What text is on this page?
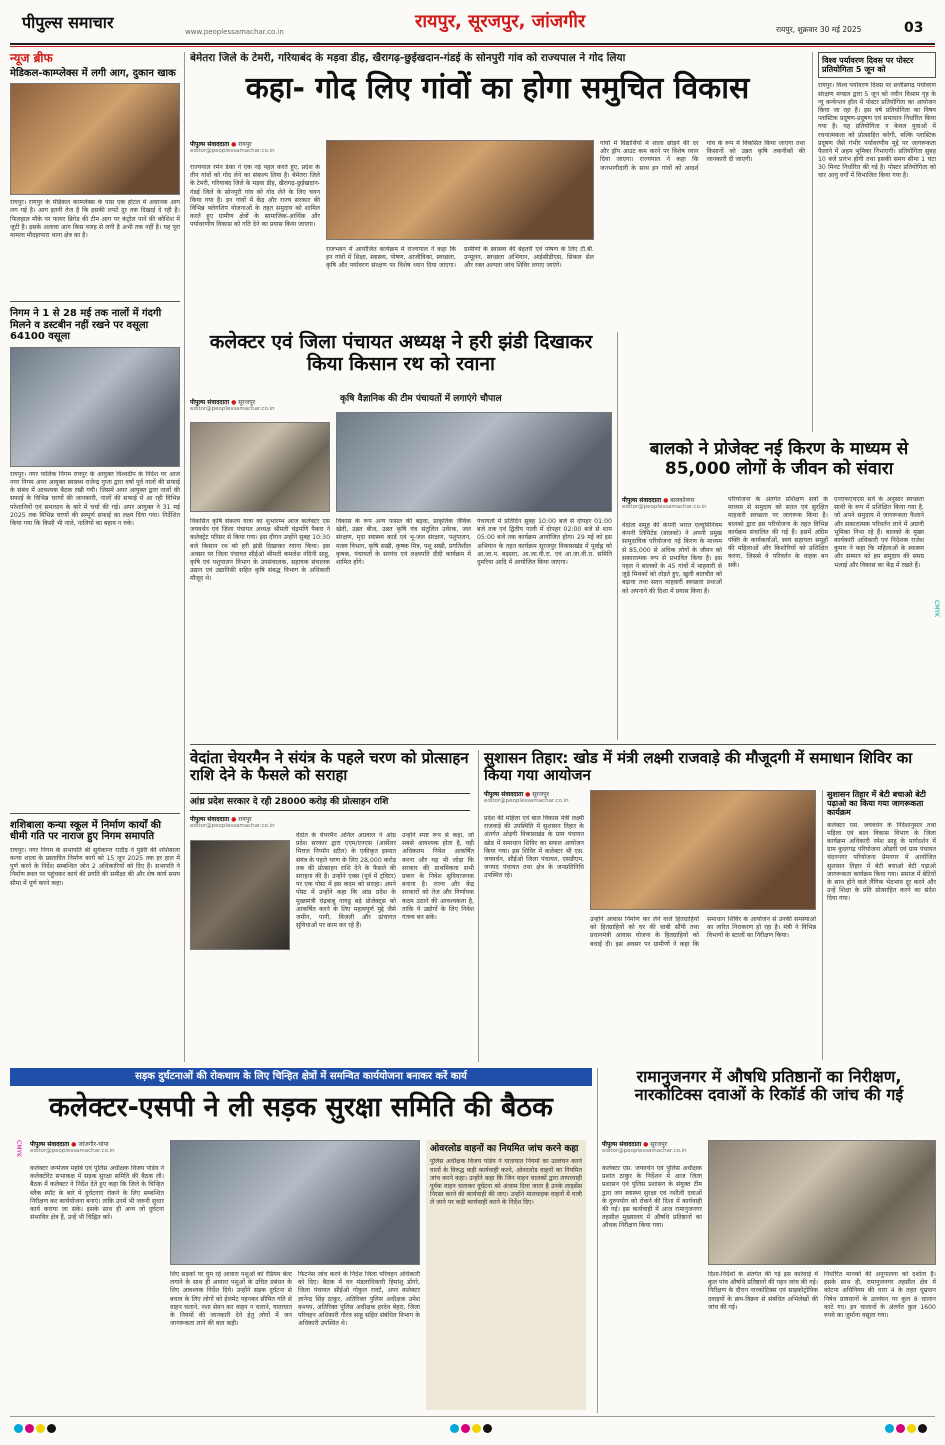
पीपुल्स समाचार	www.peoplessamachar.co.in	रायपुर, सूरजपुर, जांजगीर	रायपुर, शुक्रवार 30 मई 2025	03
न्यूज ब्रीफ
मेडिकल-काम्प्लेक्स में लगी आग, दुकान खाक
रायपुर। रायपुर के मेडिकल काम्प्लेक्स के पास एक होटल में अचानक आग लग गई है। आग इतनी तेज है कि इसकी लपटें दूर तक दिखाई दे रही है। फिलहाल मौके पर फायर ब्रिगेड की टीम आग पर कंट्रोल पाने की कोशिश में जुटी है। इसके अलावा आग किस वजह से लगी है अभी तक नहीं है। यह पूरा मामला मौदहापारा थाना क्षेत्र का है।
निगम ने 1 से 28 मई तक नालों में गंदगी मिलने व डस्टबीन नहीं रखने पर वसूला 64100 वसूला
रायपुर। नगर पालिक निगम रायपुर के आयुक्त विश्वदीप के निर्देश पर आज नगर निगम अपर आयुक्त स्वास्थ्य राजेन्द्र गुप्ता द्वारा वर्षा पूर्व नालों की सफाई के संबंध में आवश्यक बैठक रखी गयी। जिसमें अपर आयुक्त द्वारा नालों की सफाई के विभिन्न चरणों की जानकारी, नालों की सफाई में आ रही विभिन्न परेशानियों एवं समाधान के बारे में चर्चा की गई। अपर आयुक्त ने 31 मई 2025 तक विभिन्न चरणों की सम्पूर्ण सफाई का लक्ष्य दिया गया। निर्देशित किया गया कि किसी भी नाले, नालियों का बहाव न रुके।
शशिबाला कन्या स्कूल में निर्माण कार्यों की धीमी गति पर नाराज हुए निगम समापति
रायपुर। नगर निगम के सभापति श्री सूर्यकान्त राठौड़ ने पुडेरी की शशिबाला कन्या शाला के प्रस्तावित निर्माण कार्य को 15 जून 2025 तक हर हाल में पूर्ण करने के निर्देश सम्बन्धित जोन 2 अधिकारियों को दिए हैं। सभापति ने निर्माण स्थल पर पहुंचकर कार्य की प्रगति की समीक्षा की और शेष कार्य समय सीमा में पूर्ण करने कहा।
बेमेतरा जिले के टेमरी, गरियाबंद के मड़वा डीह, खैरागढ़-छुईखदान-गंडई के सोनपुरी गांव को राज्यपाल ने गोद लिया
कहा- गोद लिए गांवों का होगा समुचित विकास
पीपुल्स संवाददाता ● रायपुर
editor@peoplessamachar.co.in
राज्यपाल रमेन डेका ने एक नई पहल करते हुए, प्रदेश के तीन गांवों को गोद लेने का संकल्प लिया है। बेमेतरा जिले के टेमरी, गरियाबंद जिले के मड़वा डीह, खैरागढ़-छुईखदान-गंडई जिले के सोनपुरी गांव को गोद लेने के लिए चयन किया गया है। इन गांवों में केंद्र और राज्य सरकार की विभिन्न फ्लेगशिप योजनाओं के तहत समुदाय को शामिल करते हुए ग्रामीण क्षेत्रों के सामाजिक-आर्थिक और पर्यावरणीय विकास को गति देने का प्रयास किया जाएगा।
राजभवन में आयोजित कार्यक्रम में राज्यपाल ने कहा कि इन गांवों में शिक्षा, स्वास्थ्य, पोषण, आजीविका, स्वच्छता, कृषि और पर्यावरण संरक्षण पर विशेष ध्यान दिया जाएगा। ग्रामीणों के स्वास्थ्य की बेहतरी एवं पोषण के लिए टी.बी. उन्मूलन, स्वच्छता अभियान, आईसीडीएस, सिकल सेल और रक्त अल्पता जांच शिविर लगाए जाएंगे।
गांवों में विद्यार्थियों में शाला छोड़ने की दर और ड्रॉप आउट कम करने पर विशेष ध्यान दिया जाएगा। राज्यपाल ने कहा कि जनभागीदारी के साथ इन गांवों को आदर्श गांव के रूप में विकसित किया जाएगा तथा किसानों को उन्नत कृषि तकनीकों की जानकारी दी जाएगी।
विश्व पर्यावरण दिवस पर पोस्टर प्रतियोगिता 5 जून को
रायपुर। विश्व पर्यावरण दिवस पर छत्तीसगढ़ पर्यावरण संरक्षण मण्डल द्वारा 5 जून को नवीन विश्राम गृह के न्यू कन्वेन्शन हॉल में पोस्टर प्रतियोगिता का आयोजन किया जा रहा है। इस वर्ष प्रतियोगिता का विषय प्लास्टिक प्रदूषण-प्रदूषण एवं समाधान निर्धारित किया गया है। यह प्रतियोगिता न केवल युवाओं में रचनात्मकता को प्रोत्साहित करेगी, बल्कि प्लास्टिक प्रदूषण जैसे गंभीर पर्यावरणीय मुद्दे पर जागरूकता फैलाने में अहम भूमिका निभाएगी। प्रतियोगिता सुबह 10 बजे प्रारंभ होगी तथा इसकी समय सीमा 1 घंटा 30 मिनट निर्धारित की गई है। पोस्टर प्रतियोगिता को चार आयु वर्गों में विभाजित किया गया है।
कलेक्टर एवं जिला पंचायत अध्यक्ष ने हरी झंडी दिखाकर किया किसान रथ को रवाना
कृषि वैज्ञानिक की टीम पंचायतों में लगाएंगे चौपाल
पीपुल्स संवाददाता ● सूरजपुर
editor@peoplessamachar.co.in
विकसित कृषि संकल्प यात्रा का शुभारम्भ आज कलेक्टर एस जयवर्धन एवं जिला पंचायत अध्यक्ष श्रीमती चंद्रमणि पैकरा ने कलेक्ट्रेट परिसर से किया गया। इस दौरान उन्होंने सुबह 10:30 बजे किसान रथ को हरी झंडी दिखाकर रवाना किया। इस अवसर पर जिला पंचायत सीईओ श्रीमती कमलेश नंदिनी साहू, कृषि एवं पशुपालन विभाग के उपसंचालक, सहायक संचालक उद्यान एवं उद्यानिकी सहित कृषि संबद्ध विभाग के अधिकारी मौजूद थे।
विकास के रूप अन्य फसल की बढ़वा, प्राकृतिक जैविक खेती, उन्नत बीज, उन्नत कृषि यंत्र संतुलित उर्वरक, जल संरक्षण, मृदा स्वास्थ्य कार्ड एवं भू-जल संरक्षण, पशुपालन, मत्स्य विभाग, कृषि सखी, कृषक मित्र, पशु सखी, प्रगतिशील कृषक, पंचायतों के सरपंच एवं लक्ष्यपति दीदी कार्यक्रम में शामिल होंगे।
पंचायतों में प्रतिदिन सुबह 10:00 बजे से दोपहर 01:00 बजे तक एवं द्वितीय पाली में दोपहर 02:00 बजे से शाम 05:00 बजे तक कार्यक्रम आयोजित होगा। 29 मई को इस अभियान के तहत कार्यक्रम सूरजपुर विकासखंड में पूर्वाह्न को आ.जा.प. बड़सरा, आ.जा.वी.रा. एवं आ.जा.वी.रा. समिति दुमरिया आदि में आयोजित किया जाएगा।
बालको ने प्रोजेक्ट नई किरण के माध्यम से 85,000 लोगों के जीवन को संवारा
पीपुल्स संवाददाता ● बालकोनगर
editor@peoplessamachar.co.in
वेदांता समूह की कंपनी भारत एल्यूमिनियम कंपनी लिमिटेड (बालको) ने अपनी प्रमुख सामुदायिक परियोजना नई किरण के माध्यम से 85,000 से अधिक लोगों के जीवन को सकारात्मक रूप से प्रभावित किया है। इस पहल ने बालको के 45 गांवों में माहवारी से जुड़े मिथकों को तोड़ते हुए, खुली बातचीत को बढ़ावा तथा सतत माहवारी स्वच्छता प्रथाओं को अपनाने की दिशा में प्रयास किया है।
परियोजना के अंतर्गत प्रशिक्षण सत्रों के माध्यम से समुदाय को सतत एवं सुरक्षित माहवारी स्वच्छता पर जागरूक किया है। बालको द्वारा इस परियोजना के तहत विभिन्न कार्यक्रम संचालित की गई हैं। इसमें अग्रिम पंक्ति के कार्यकर्ताओं, स्वयं सहायता समूहों की महिलाओं और किशोरियों को प्रशिक्षित करना, जिससे वे परिवर्तन के वाहक बन सकें।
एनएफएचएस सर्वे के अनुसार स्वच्छता साथी के रूप में प्रशिक्षित किया गया है, जो अपने समुदाय में जागरूकता फैलाने और सकारात्मक परिवर्तन लाने में अग्रणी भूमिका निभा रहे हैं। बालको के मुख्य कार्यकारी अधिकारी एवं निदेशक राजेश कुमार ने कहा कि महिलाओं के स्वास्थ्य और सम्मान को हम समुदाय की समग्र भलाई और विकास का केंद्र में रखते हैं।
CMYK
वेदांता चेयरमैन ने संयंत्र के पहले चरण को प्रोत्साहन राशि देने के फैसले को सराहा
आंध्र प्रदेश सरकार दे रही 28000 करोड़ की प्रोत्साहन राशि
पीपुल्स संवाददाता ● रायपुर
editor@peoplessamachar.co.in
वेदांत के चेयरमैन अनिल अग्रवाल ने आंध्र प्रदेश सरकार द्वारा एएम/एनएस (आर्सेलर मित्तल निप्पॉन स्टील) के एकीकृत इस्पात संयंत्र के पहले चरण के लिए 28,000 करोड़ तक की प्रोत्साहन राशि देने के फैसले की सराहना की है। उन्होंने एक्स (पूर्व में ट्विटर) पर एक पोस्ट में इस कदम को सराहा। अपने पोस्ट में उन्होंने कहा कि आंध्र प्रदेश के मुख्यमंत्री चंद्रबाबू नायडू बड़े प्रोजेक्ट्स को आकर्षित करने के लिए महत्वपूर्ण मुद्दे जैसे जमीन, पानी, बिजली और ढांचागत सुविधाओं पर काम कर रहे हैं।
उन्होंने स्पष्ट रूप से कहा, जो सबसे आवश्यक होता है, वही अधिकतम निवेश आकर्षित करना और यह भी जोड़ा कि सरकार की प्राथमिकता सभी प्रकार के निवेश सुविधाजनक बनाना है। राज्य और केंद्र सरकारों को तेज और निर्णायक कदम उठाने की आवश्यकता है, ताकि ये उद्योगों के लिए निवेश गंतव्य बन सकें।
सुशासन तिहार: खोड में मंत्री लक्ष्मी राजवाड़े की मौजूदगी में समाधान शिविर का किया गया आयोजन
पीपुल्स संवाददाता ● सूरजपुर
editor@peoplessamachar.co.in
प्रदेश की महिला एवं बाल विकास मंत्री लक्ष्मी राजवाड़े की उपस्थिति में सुशासन तिहार के अंतर्गत ओड़गी विकासखंड के ग्राम पंचायत खोड में समाधान शिविर का सफल आयोजन किया गया। इस शिविर में कलेक्टर श्री एस. जयवर्धन, सीईओ जिला पंचायत, एसडीएम, जनपद पंचायत तथा क्षेत्र के जनप्रतिनिधि उपस्थित रहे।
उन्होंने आवास निर्माण कर लेने वाले हितग्राहियों को हितग्राहियों को घर की चाबी सौंपी तथा प्रधानमंत्री आवास योजना के हितग्राहियों को बधाई दी। इस अवसर पर ग्रामीणों ने कहा कि समाधान शिविर के आयोजन से उनकी समस्याओं का त्वरित निराकरण हो रहा है। मंत्री ने विभिन्न विभागों के स्टालों का निरीक्षण किया।
सुशासन तिहार में बेटी बचाओ बेटी पढ़ाओ का किया गया जागरूकता कार्यक्रम
कलेक्टर एस. जयवर्धन के निर्देशानुसार तथा महिला एवं बाल विकास विभाग के जिला कार्यक्रम अधिकारी रमेश साहू के मार्गदर्शन में ग्राम कुदरगढ़ परियोजना ओडगी एवं ग्राम पंचायत चंदननगर परियोजना प्रेमनगर में आयोजित सुशासन तिहार में बेटी बचाओ बेटी पढ़ाओ जागरूकता कार्यक्रम किया गया। समाज में बेटियों के साथ होने वाले लैंगिक भेदभाव दूर करने और उन्हें शिक्षा के प्रति प्रोत्साहित करने का संदेश दिया गया।
सड़क दुर्घटनाओं की रोकथाम के लिए चिन्हित क्षेत्रों में समन्वित कार्ययोजना बनाकर करें कार्य
कलेक्टर-एसपी ने ली सड़क सुरक्षा समिति की बैठक
पीपुल्स संवाददाता ● जांजगीर-चांपा
editor@peoplessamachar.co.in
कलेक्टर जन्मेजय महोबे एवं पुलिस अधीक्षक विजय पांडेय ने कलेक्टोरेट सभाकक्ष में सड़क सुरक्षा समिति की बैठक ली। बैठक में कलेक्टर ने निर्देश देते हुए कहा कि जिले के चिन्हित ब्लैक स्पॉट के बारे में दुर्घटनाएं रोकने के लिए सम्बन्धित निरीक्षण कर कार्ययोजना बनाएं। ताकि उनमें भी जरूरी सुधार कार्य कराया जा सके। इसके साथ ही अन्य जो दुर्घटना संभावित क्षेत्र हैं, उन्हें भी चिह्नित करें।
लिए सड़कों पर घूम रहे आवारा पशुओं को रेडियम बेल्ट लगाने के साथ ही आवारा पशुओं के उचित प्रबंधन के लिए आवश्यक निर्देश दिये। उन्होंने सड़क दुर्घटना से बचाव के लिए लोगों को हेलमेट पहनकर सीमित गति से वाहन चलाने, नशा सेवन कर वाहन न चलाने, यातायात के नियमों की जानकारी देने हेतु लोगों में जन जागरूकता लाने की बात कही।
फिटनेस जांच करने के निर्देश जिला परिवहन अधिकारी को दिए। बैठक में वन मंडलाधिकारी हिमांशु डोंगरे, जिला पंचायत सीईओ गोकुल रावटे, अपर कलेक्टर ज्ञानेन्द्र सिंह ठाकुर, अतिरिक्त पुलिस अधीक्षक उमेश कश्यप, अतिरिक्त पुलिस अधीक्षक हरदेव बेहरा, जिला परिवहन अधिकारी गौरव साहू सहित संबंधित विभाग के अधिकारी उपस्थित थे।
ओवरलोड वाहनों का नियमित जांच करने कहा
पुलिस अधीक्षक विजय पांडेय ने यातायात नियमों का उल्लंघन करने वालों के विरुद्ध कड़ी कार्यवाही करने, ओवरलोड वाहनों का नियमित जांच करने कहा। उन्होंने कहा कि जिन वाहन चालकों द्वारा लापरवाही पूर्वक वाहन चलाकर दुर्घटना को अंजाम दिया जाता है उनके लाइसेंस निरस्त करने की कार्यवाही की जाए। उन्होंने मालवाहक वाहनों में यात्री ले जाने पर कड़ी कार्यवाही करने के निर्देश दिए।
CMYK
रामानुजनगर में औषधि प्रतिष्ठानों का निरीक्षण, नारकोटिक्स दवाओं के रिकॉर्ड की जांच की गई
पीपुल्स संवाददाता ● सूरजपुर
editor@peoplessamachar.co.in
कलेक्टर एस. जयवर्धन एवं पुलिस अधीक्षक प्रशांत ठाकुर के निर्देशन में आज जिला प्रशासन एवं पुलिस प्रशासन के संयुक्त टीम द्वारा जन स्वास्थ्य सुरक्षा एवं नशीली दवाओं के दुरुपयोग को रोकने की दिशा में कार्यवाही की गई। इस कार्यवाही में आज रामानुजनगर तहसील मुख्यालय में औषधि प्रतिष्ठानों का औचक निरीक्षण किया गया।
दिशा-निर्देशों के अंतर्गत की गई इस कार्रवाई में कुल पांच औषधि प्रतिष्ठानों की गहन जांच की गई। निरीक्षण के दौरान नारकोटिक्स एवं साइकोट्रोपिक दवाइयों के क्रय-विक्रय से संबंधित अभिलेखों की जांच की गई।
निर्धारित मानकों की अनुपालना को दर्शाता है। इसके साथ ही, रामानुजनगर तहसील क्षेत्र में कोटपा अधिनियम की धारा 4 के तहत धूम्रपान निषेध प्रावधानों के उल्लंघन पर कुल 8 चालान काटे गए। इन चालानों के अंतर्गत कुल 1600 रुपये का जुर्माना वसूला गया।
